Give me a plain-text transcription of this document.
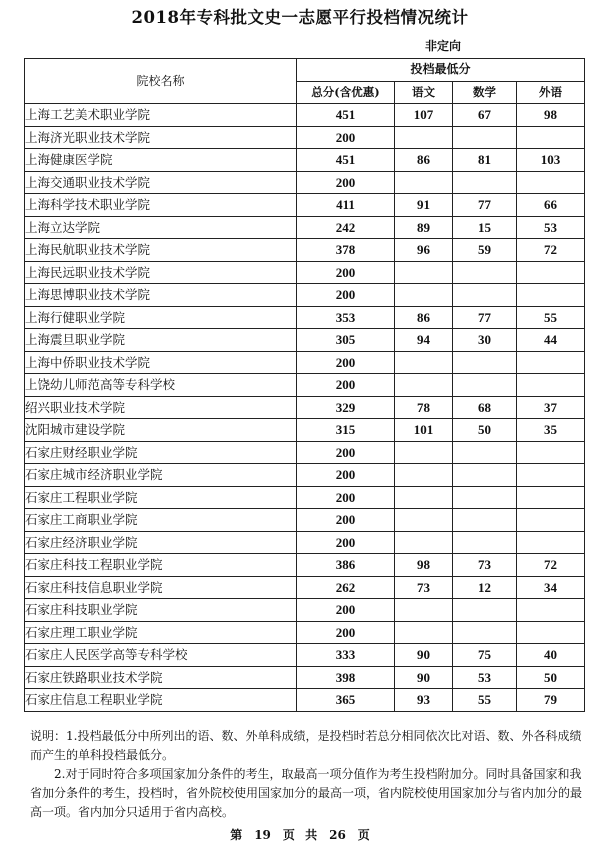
2018年专科批文史一志愿平行投档情况统计
非定向
院校名称	投档最低分			
	总分(含优惠)	语文	数学	外语
上海工艺美术职业学院	451	107	67	98
上海济光职业技术学院	200			
上海健康医学院	451	86	81	103
上海交通职业技术学院	200			
上海科学技术职业学院	411	91	77	66
上海立达学院	242	89	15	53
上海民航职业技术学院	378	96	59	72
上海民远职业技术学院	200			
上海思博职业技术学院	200			
上海行健职业学院	353	86	77	55
上海震旦职业学院	305	94	30	44
上海中侨职业技术学院	200			
上饶幼儿师范高等专科学校	200			
绍兴职业技术学院	329	78	68	37
沈阳城市建设学院	315	101	50	35
石家庄财经职业学院	200			
石家庄城市经济职业学院	200			
石家庄工程职业学院	200			
石家庄工商职业学院	200			
石家庄经济职业学院	200			
石家庄科技工程职业学院	386	98	73	72
石家庄科技信息职业学院	262	73	12	34
石家庄科技职业学院	200			
石家庄理工职业学院	200			
石家庄人民医学高等专科学校	333	90	75	40
石家庄铁路职业技术学院	398	90	53	50
石家庄信息工程职业学院	365	93	55	79

说明：1.投档最低分中所列出的语、数、外单科成绩，是投档时若总分相同依次比对语、数、外各科成绩而产生的单科投档最低分。

2.对于同时符合多项国家加分条件的考生，取最高一项分值作为考生投档附加分。同时具备国家和我省加分条件的考生，投档时，省外院校使用国家加分的最高一项，省内院校使用国家加分与省内加分的最高一项。省内加分只适用于省内高校。

第 19 页 共 26 页
